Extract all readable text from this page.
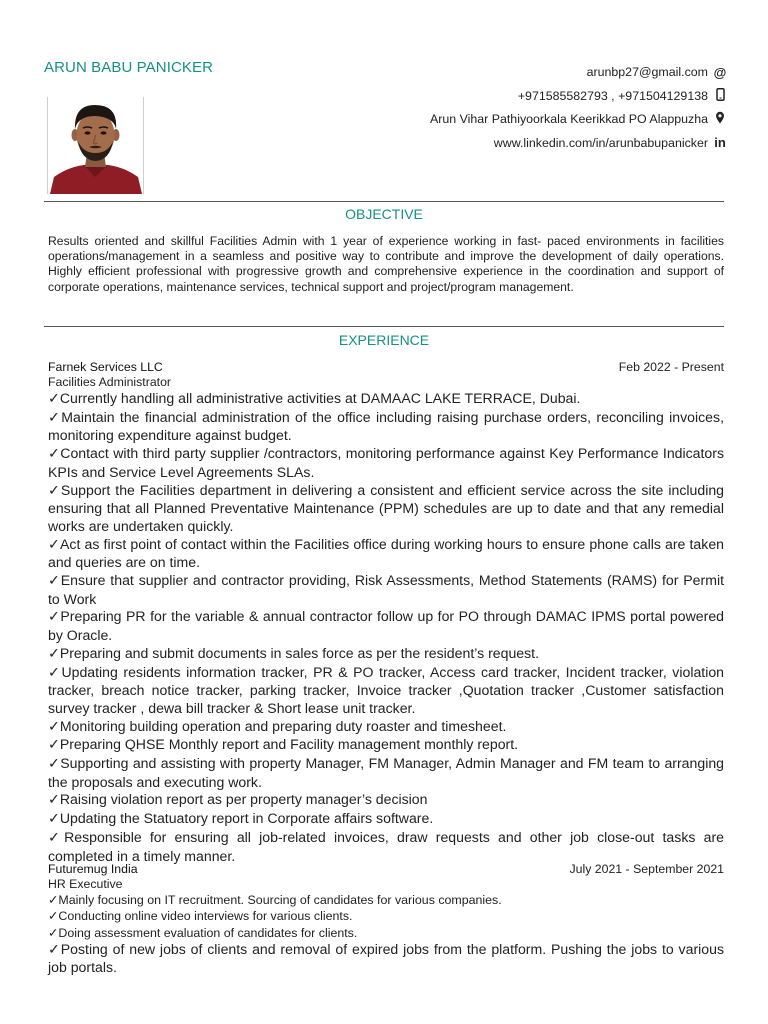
ARUN BABU PANICKER	arunbp27@gmail.com @
+971585582793 , +971504129138
Arun Vihar Pathiyoorkala Keerikkad PO Alappuzha
www.linkedin.com/in/arunbabupanicker in
OBJECTIVE
Results oriented and skillful Facilities Admin with 1 year of experience working in fast- paced environments in facilities operations/management in a seamless and positive way to contribute and improve the development of daily operations. Highly efficient professional with progressive growth and comprehensive experience in the coordination and support of corporate operations, maintenance services, technical support and project/program management.
EXPERIENCE
Farnek Services LLC	Feb 2022 - Present
Facilities Administrator
✓Currently handling all administrative activities at DAMAAC LAKE TERRACE, Dubai.
✓Maintain the financial administration of the office including raising purchase orders, reconciling invoices, monitoring expenditure against budget.
✓Contact with third party supplier /contractors, monitoring performance against Key Performance Indicators KPIs and Service Level Agreements SLAs.
✓Support the Facilities department in delivering a consistent and efficient service across the site including ensuring that all Planned Preventative Maintenance (PPM) schedules are up to date and that any remedial works are undertaken quickly.
✓Act as first point of contact within the Facilities office during working hours to ensure phone calls are taken and queries are on time.
✓Ensure that supplier and contractor providing, Risk Assessments, Method Statements (RAMS) for Permit to Work
✓Preparing PR for the variable & annual contractor follow up for PO through DAMAC IPMS portal powered by Oracle.
✓Preparing and submit documents in sales force as per the resident’s request.
✓Updating residents information tracker, PR & PO tracker, Access card tracker, Incident tracker, violation tracker, breach notice tracker, parking tracker, Invoice tracker ,Quotation tracker ,Customer satisfaction survey tracker , dewa bill tracker & Short lease unit tracker.
✓Monitoring building operation and preparing duty roaster and timesheet.
✓Preparing QHSE Monthly report and Facility management monthly report.
✓Supporting and assisting with property Manager, FM Manager, Admin Manager and FM team to arranging the proposals and executing work.
✓Raising violation report as per property manager’s decision
✓Updating the Statuatory report in Corporate affairs software.
✓Responsible for ensuring all job-related invoices, draw requests and other job close-out tasks are completed in a timely manner.
Futuremug India	July 2021 - September 2021
HR Executive
✓Mainly focusing on IT recruitment. Sourcing of candidates for various companies.
✓Conducting online video interviews for various clients.
✓Doing assessment evaluation of candidates for clients.
✓Posting of new jobs of clients and removal of expired jobs from the platform. Pushing the jobs to various job portals.
